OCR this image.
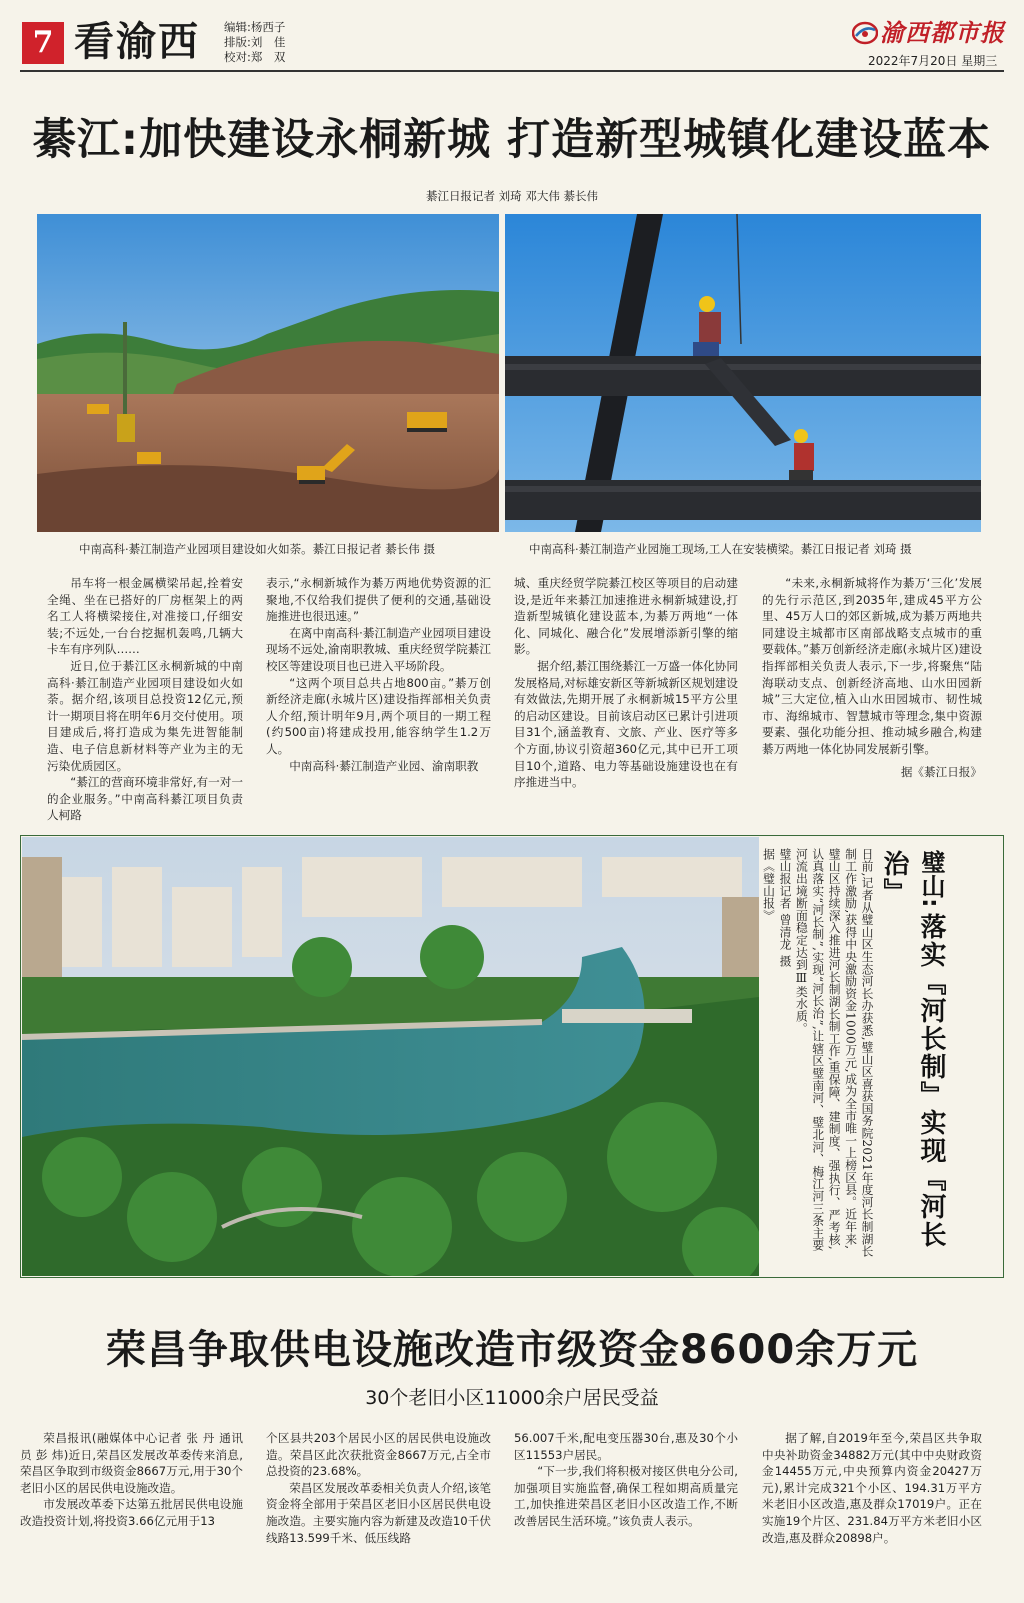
7 看渝西 编辑:杨西子
排版:刘　佳
校对:郑　双
渝西都市报
2022年7月20日 星期三
綦江:加快建设永桐新城 打造新型城镇化建设蓝本
綦江日报记者 刘琦 邓大伟 綦长伟
中南高科·綦江制造产业园项目建设如火如荼。綦江日报记者 綦长伟 摄	中南高科·綦江制造产业园施工现场,工人在安装横梁。綦江日报记者 刘琦 摄

吊车将一根金属横梁吊起,拴着安全绳、坐在已搭好的厂房框架上的两名工人将横梁接住,对准接口,仔细安装;不远处,一台台挖掘机轰鸣,几辆大卡车有序列队……

近日,位于綦江区永桐新城的中南高科·綦江制造产业园项目建设如火如荼。据介绍,该项目总投资12亿元,预计一期项目将在明年6月交付使用。项目建成后,将打造成为集先进智能制造、电子信息新材料等产业为主的无污染优质园区。

“綦江的营商环境非常好,有一对一的企业服务。”中南高科綦江项目负责人柯路

表示,“永桐新城作为綦万两地优势资源的汇聚地,不仅给我们提供了便利的交通,基础设施推进也很迅速。”

在离中南高科·綦江制造产业园项目建设现场不远处,渝南职教城、重庆经贸学院綦江校区等建设项目也已进入平场阶段。

“这两个项目总共占地800亩。”綦万创新经济走廊(永城片区)建设指挥部相关负责人介绍,预计明年9月,两个项目的一期工程(约500亩)将建成投用,能容纳学生1.2万人。

中南高科·綦江制造产业园、渝南职教

城、重庆经贸学院綦江校区等项目的启动建设,是近年来綦江加速推进永桐新城建设,打造新型城镇化建设蓝本,为綦万两地“一体化、同城化、融合化”发展增添新引擎的缩影。

据介绍,綦江围绕綦江一万盛一体化协同发展格局,对标雄安新区等新城新区规划建设有效做法,先期开展了永桐新城15平方公里的启动区建设。目前该启动区已累计引进项目31个,涵盖教育、文旅、产业、医疗等多个方面,协议引资超360亿元,其中已开工项目10个,道路、电力等基础设施建设也在有序推进当中。

“未来,永桐新城将作为綦万‘三化’发展的先行示范区,到2035年,建成45平方公里、45万人口的郊区新城,成为綦万两地共同建设主城都市区南部战略支点城市的重要载体。”綦万创新经济走廊(永城片区)建设指挥部相关负责人表示,下一步,将聚焦“陆海联动支点、创新经济高地、山水田园新城”三大定位,植入山水田园城市、韧性城市、海绵城市、智慧城市等理念,集中资源要素、强化功能分担、推动城乡融合,构建綦万两地一体化协同发展新引擎。

据《綦江日报》

日前,记者从璧山区生态河长办获悉,璧山区喜获国务院2021年度河长制湖长制工作激励,获得中央激励资金1000万元,成为全市唯一上榜区县。近年来,璧山区持续深入推进河长制湖长制工作,重保障、建制度、强执行、严考核,认真落实“河长制”,实现“河长治”,让辖区璧南河、璧北河、梅江河三条主要河流出境断面稳定达到Ⅲ类水质。
璧山报记者 曾清龙 摄
据《璧山报》	璧山: 落实『河长制』实现『河长治』
荣昌争取供电设施改造市级资金8600余万元
30个老旧小区11000余户居民受益

荣昌报讯(融媒体中心记者 张 丹 通讯员 彭 炜)近日,荣昌区发展改革委传来消息,荣昌区争取到市级资金8667万元,用于30个老旧小区的居民供电设施改造。

市发展改革委下达第五批居民供电设施改造投资计划,将投资3.66亿元用于13

个区县共203个居民小区的居民供电设施改造。荣昌区此次获批资金8667万元,占全市总投资的23.68%。

荣昌区发展改革委相关负责人介绍,该笔资金将全部用于荣昌区老旧小区居民供电设施改造。主要实施内容为新建及改造10千伏线路13.599千米、低压线路

56.007千米,配电变压器30台,惠及30个小区11553户居民。

“下一步,我们将积极对接区供电分公司,加强项目实施监督,确保工程如期高质量完工,加快推进荣昌区老旧小区改造工作,不断改善居民生活环境。”该负责人表示。

据了解,自2019年至今,荣昌区共争取中央补助资金34882万元(其中中央财政资金14455万元,中央预算内资金20427万元),累计完成321个小区、194.31万平方米老旧小区改造,惠及群众17019户。正在实施19个片区、231.84万平方米老旧小区改造,惠及群众20898户。
